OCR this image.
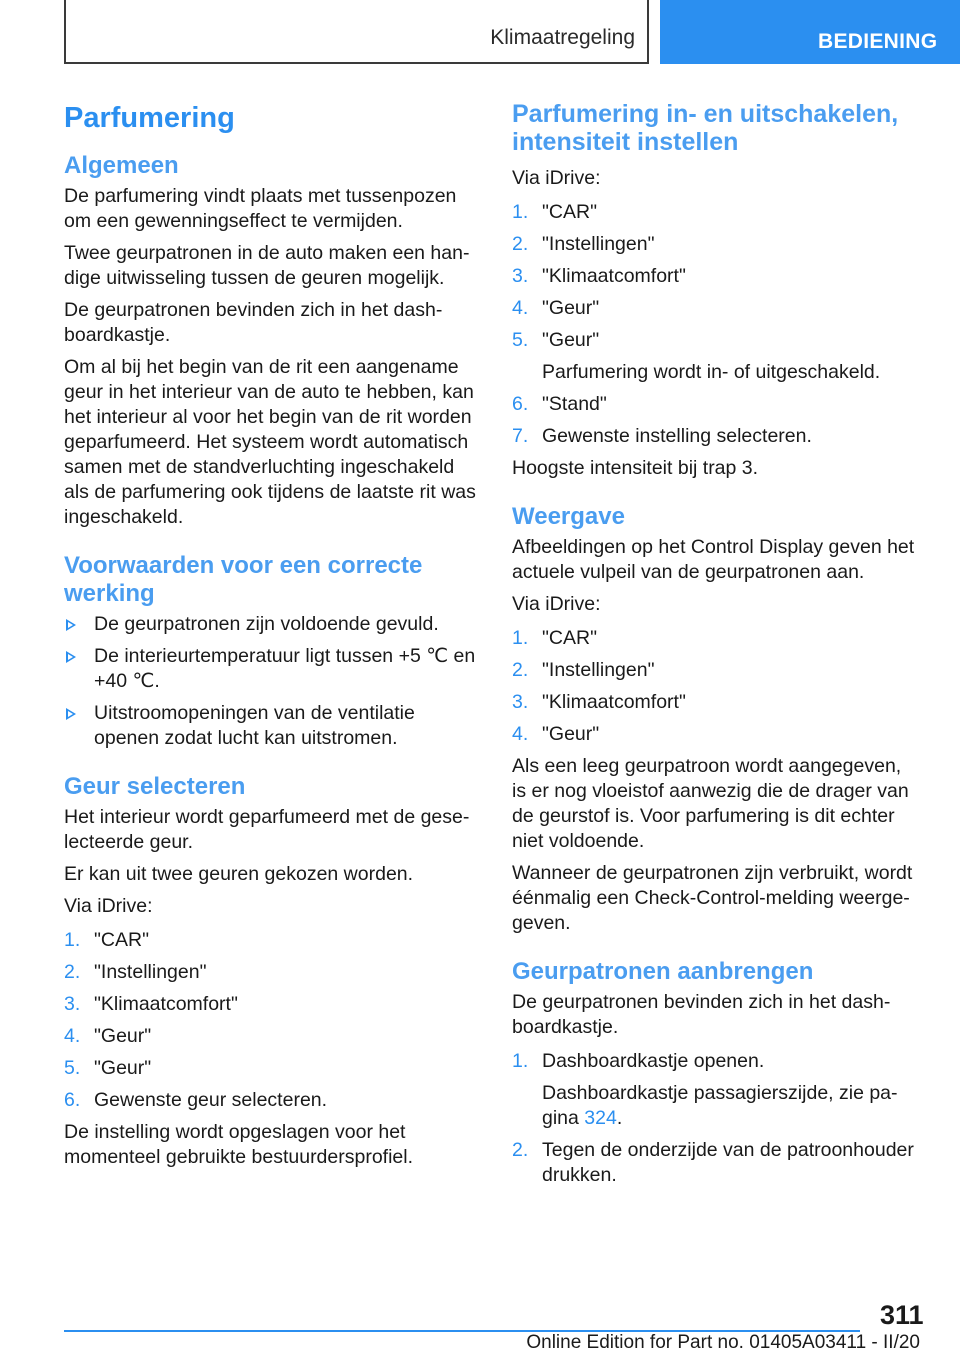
Klimaatregeling	BEDIENING
Parfumering
Algemeen

De parfumering vindt plaats met tussenpozen om een gewenningseffect te vermijden.

Twee geurpatronen in de auto maken een handige uitwisseling tussen de geuren mogelijk.

De geurpatronen bevinden zich in het dashboardkastje.

Om al bij het begin van de rit een aangename geur in het interieur van de auto te hebben, kan het interieur al voor het begin van de rit worden geparfumeerd. Het systeem wordt automatisch samen met de standverluchting ingeschakeld als de parfumering ook tijdens de laatste rit was ingeschakeld.

Voorwaarden voor een correcte werking
De geurpatronen zijn voldoende gevuld.
De interieurtemperatuur ligt tussen +5 ℃ en +40 ℃.
Uitstroomopeningen van de ventilatie openen zodat lucht kan uitstromen.
Geur selecteren

Het interieur wordt geparfumeerd met de geselecteerde geur.

Er kan uit twee geuren gekozen worden.

Via iDrive:

1. "CAR"
2. "Instellingen"
3. "Klimaatcomfort"
4. "Geur"
5. "Geur"
6. Gewenste geur selecteren.

De instelling wordt opgeslagen voor het momenteel gebruikte bestuurdersprofiel.

Parfumering in- en uitschakelen, intensiteit instellen

Via iDrive:

1. "CAR"
2. "Instellingen"
3. "Klimaatcomfort"
4. "Geur"
5. "Geur"
Parfumering wordt in- of uitgeschakeld.
6. "Stand"
7. Gewenste instelling selecteren.

Hoogste intensiteit bij trap 3.

Weergave

Afbeeldingen op het Control Display geven het actuele vulpeil van de geurpatronen aan.

Via iDrive:

1. "CAR"
2. "Instellingen"
3. "Klimaatcomfort"
4. "Geur"

Als een leeg geurpatroon wordt aangegeven, is er nog vloeistof aanwezig die de drager van de geurstof is. Voor parfumering is dit echter niet voldoende.

Wanneer de geurpatronen zijn verbruikt, wordt éénmalig een Check-Control-melding weergegeven.

Geurpatronen aanbrengen

De geurpatronen bevinden zich in het dashboardkastje.

1. Dashboardkastje openen.
Dashboardkastje passagierszijde, zie pagina 324.
2. Tegen de onderzijde van de patroonhouder drukken.
311
Online Edition for Part no. 01405A03411 - II/20
